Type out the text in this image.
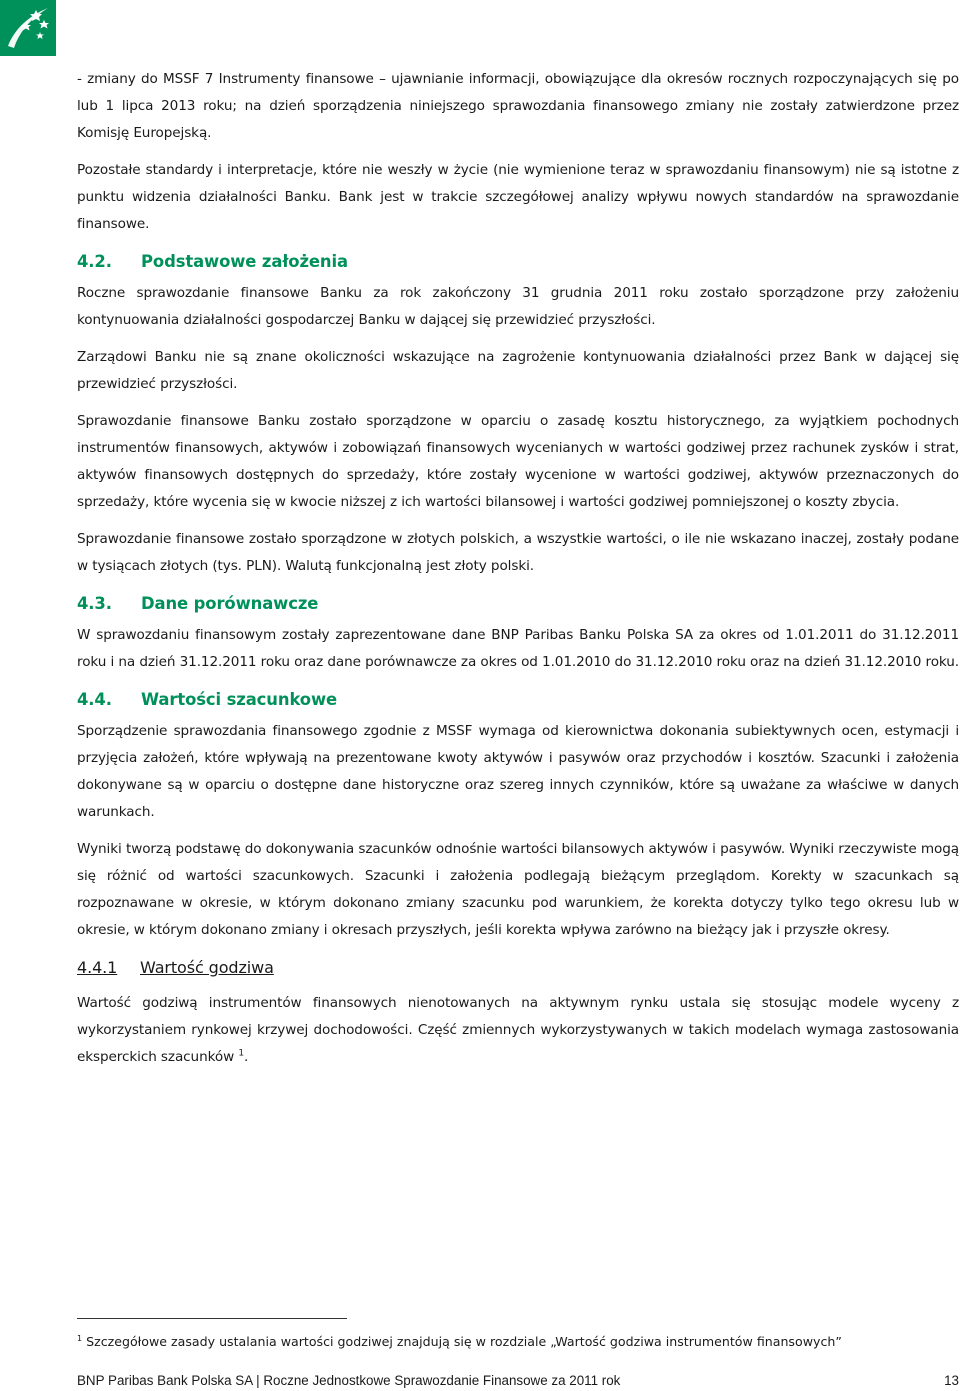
- zmiany do MSSF 7 Instrumenty finansowe – ujawnianie informacji, obowiązujące dla okresów rocznych rozpoczynających się po lub 1 lipca 2013 roku; na dzień sporządzenia niniejszego sprawozdania finansowego zmiany nie zostały zatwierdzone przez Komisję Europejską.

Pozostałe standardy i interpretacje, które nie weszły w życie (nie wymienione teraz w sprawozdaniu finansowym) nie są istotne z punktu widzenia działalności Banku. Bank jest w trakcie szczegółowej analizy wpływu nowych standardów na sprawozdanie finansowe.

4.2.	Podstawowe założenia

Roczne sprawozdanie finansowe Banku za rok zakończony 31 grudnia 2011 roku zostało sporządzone przy założeniu kontynuowania działalności gospodarczej Banku w dającej się przewidzieć przyszłości.

Zarządowi Banku nie są znane okoliczności wskazujące na zagrożenie kontynuowania działalności przez Bank w dającej się przewidzieć przyszłości.

Sprawozdanie finansowe Banku zostało sporządzone w oparciu o zasadę kosztu historycznego, za wyjątkiem pochodnych instrumentów finansowych, aktywów i zobowiązań finansowych wycenianych w wartości godziwej przez rachunek zysków i strat, aktywów finansowych dostępnych do sprzedaży, które zostały wycenione w wartości godziwej, aktywów przeznaczonych do sprzedaży, które wycenia się w kwocie niższej z ich wartości bilansowej i wartości godziwej pomniejszonej o koszty zbycia.

Sprawozdanie finansowe zostało sporządzone w złotych polskich, a wszystkie wartości, o ile nie wskazano inaczej, zostały podane w tysiącach złotych (tys. PLN). Walutą funkcjonalną jest złoty polski.

4.3.	Dane porównawcze

W sprawozdaniu finansowym zostały zaprezentowane dane BNP Paribas Banku Polska SA za okres od 1.01.2011 do 31.12.2011 roku i na dzień 31.12.2011 roku oraz dane porównawcze za okres od 1.01.2010 do 31.12.2010 roku oraz na dzień 31.12.2010 roku.

4.4.	Wartości szacunkowe

Sporządzenie sprawozdania finansowego zgodnie z MSSF wymaga od kierownictwa dokonania subiektywnych ocen, estymacji i przyjęcia założeń, które wpływają na prezentowane kwoty aktywów i pasywów oraz przychodów i kosztów. Szacunki i założenia dokonywane są w oparciu o dostępne dane historyczne oraz szereg innych czynników, które są uważane za właściwe w danych warunkach.

Wyniki tworzą podstawę do dokonywania szacunków odnośnie wartości bilansowych aktywów i pasywów. Wyniki rzeczywiste mogą się różnić od wartości szacunkowych. Szacunki i założenia podlegają bieżącym przeglądom. Korekty w szacunkach są rozpoznawane w okresie, w którym dokonano zmiany szacunku pod warunkiem, że korekta dotyczy tylko tego okresu lub w okresie, w którym dokonano zmiany i okresach przyszłych, jeśli korekta wpływa zarówno na bieżący jak i przyszłe okresy.

4.4.1	Wartość godziwa

Wartość godziwą instrumentów finansowych nienotowanych na aktywnym rynku ustala się stosując modele wyceny z wykorzystaniem rynkowej krzywej dochodowości. Część zmiennych wykorzystywanych w takich modelach wymaga zastosowania eksperckich szacunków $^1$.

$^1$ Szczegółowe zasady ustalania wartości godziwej znajdują się w rozdziale „Wartość godziwa instrumentów finansowych”
BNP Paribas Bank Polska SA | Roczne Jednostkowe Sprawozdanie Finansowe za 2011 rok	13
